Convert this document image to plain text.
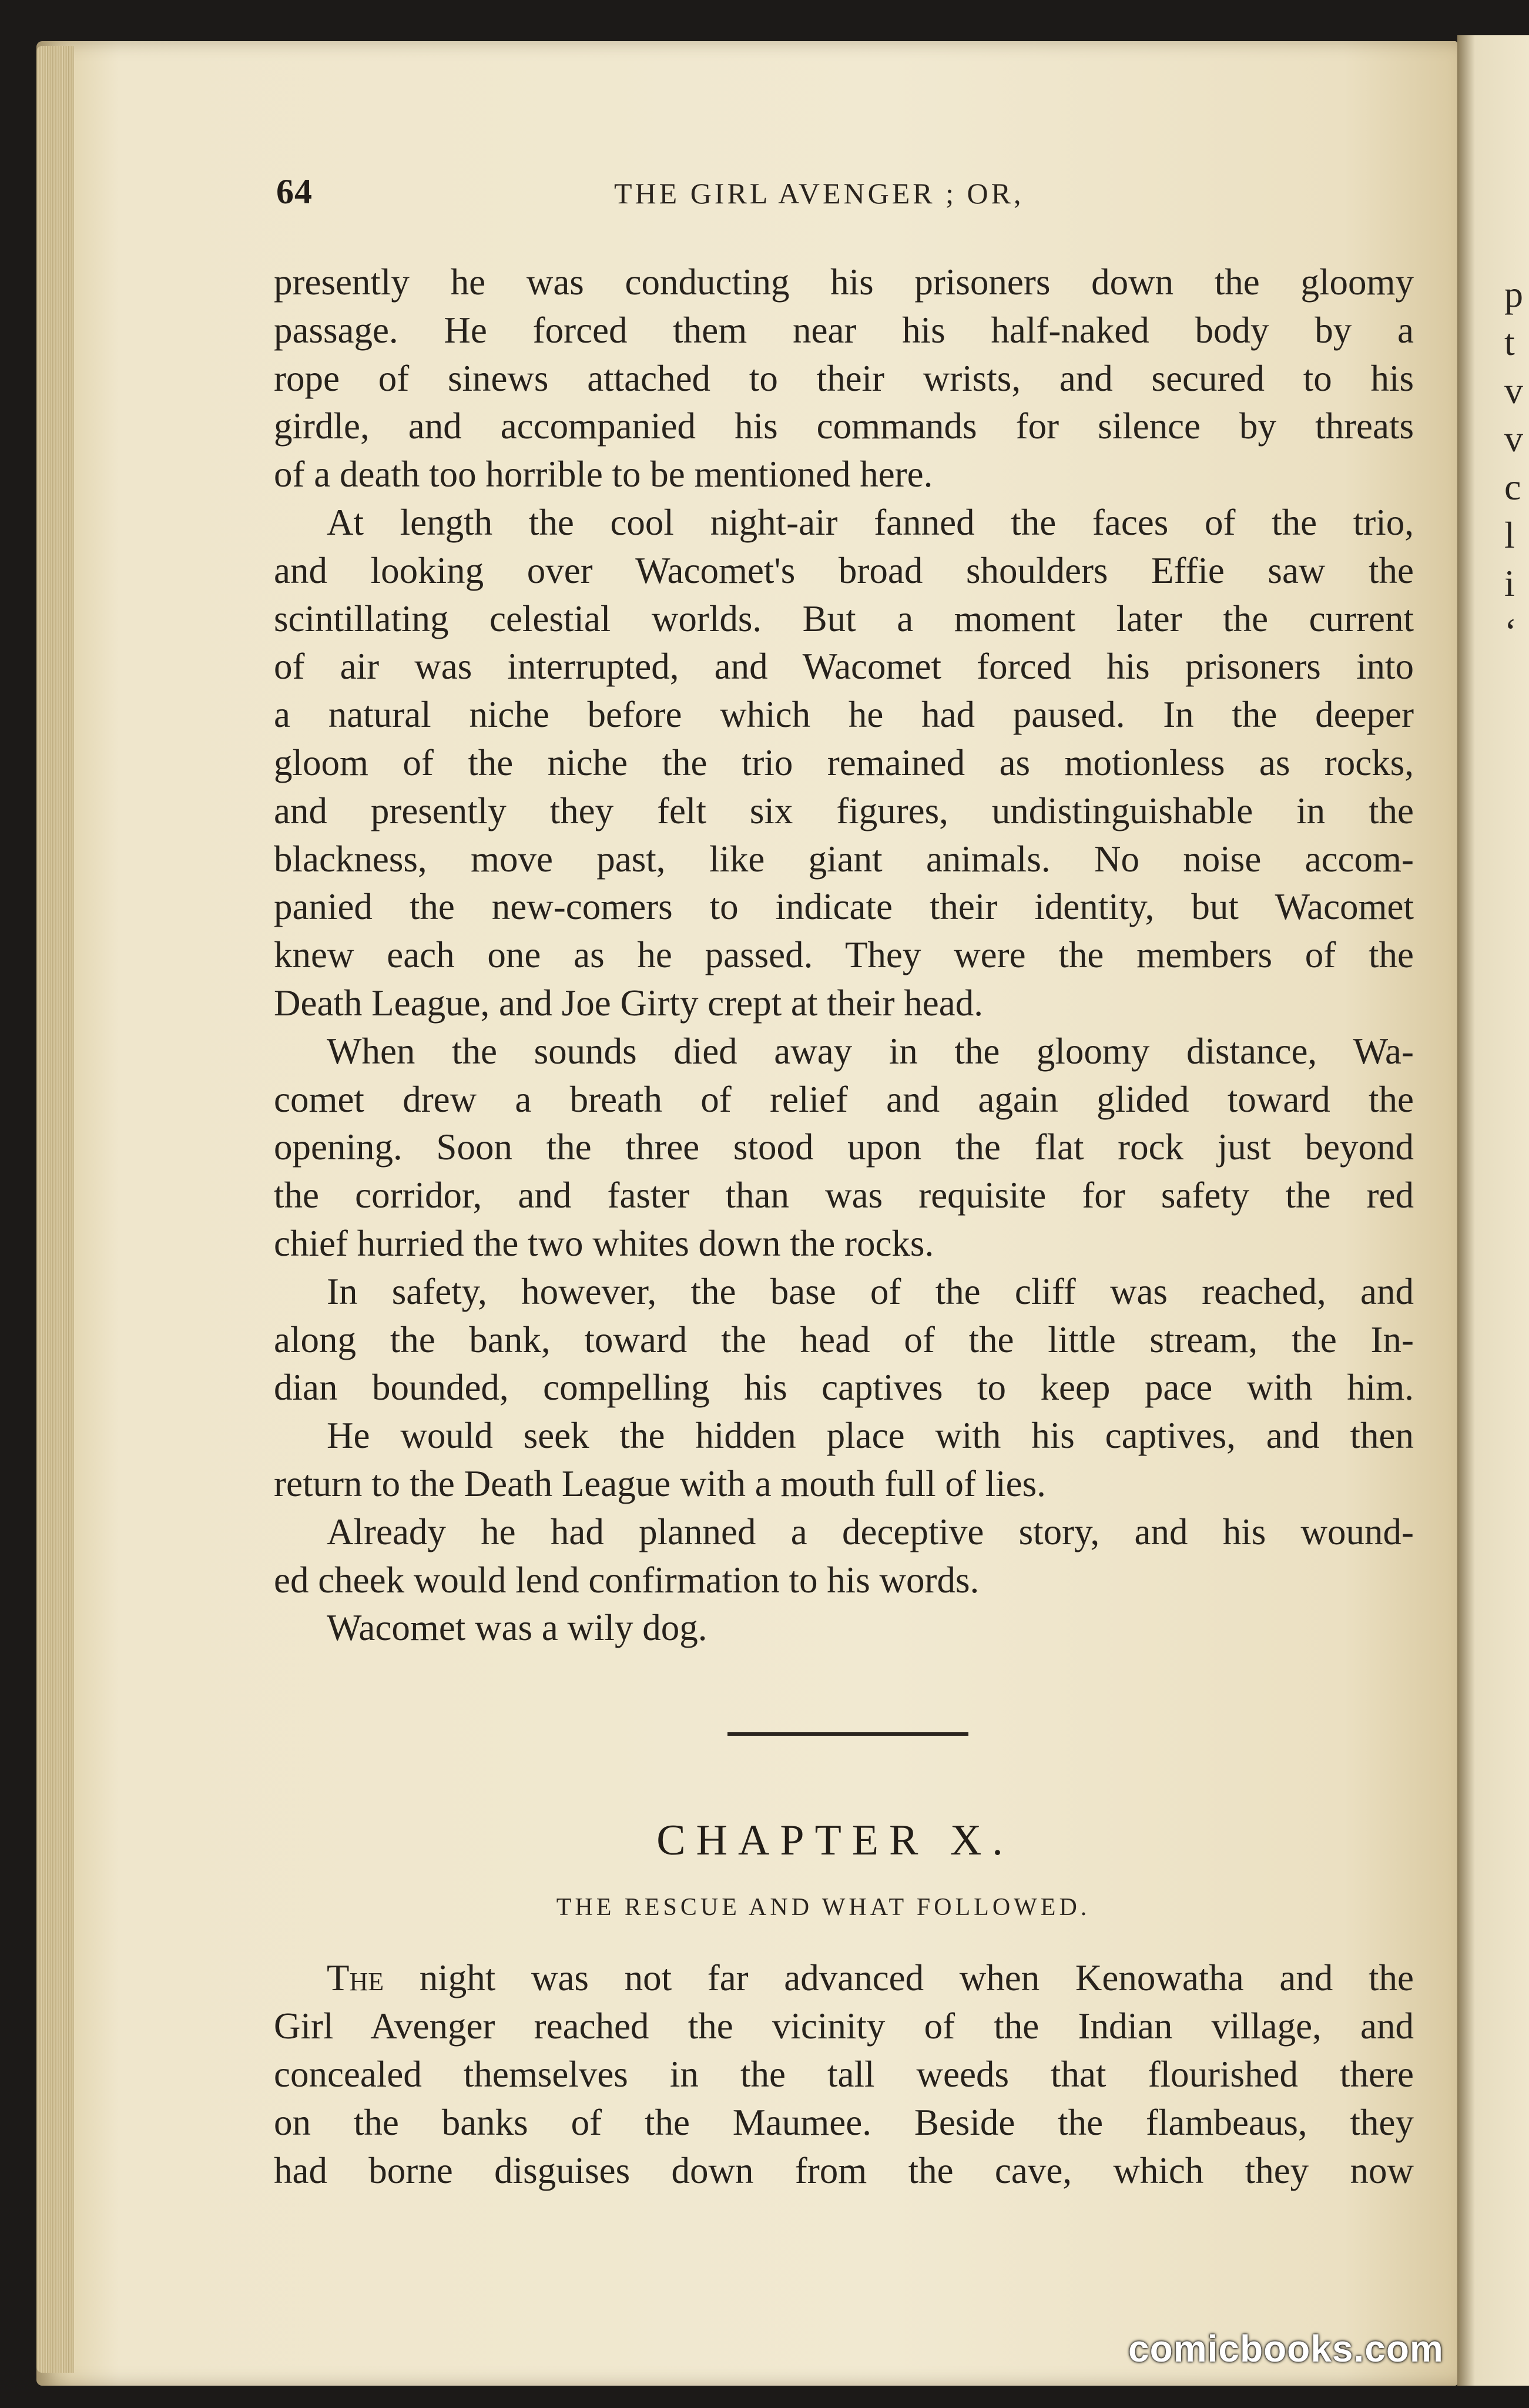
p
t
v
v
c
l
i
‘
64	THE GIRL AVENGER ; OR,
presently he was conducting his prisoners down the gloomy
passage. He forced them near his half-naked body by a
rope of sinews attached to their wrists, and secured to his
girdle, and accompanied his commands for silence by threats
of a death too horrible to be mentioned here.
At length the cool night-air fanned the faces of the trio,
and looking over Wacomet's broad shoulders Effie saw the
scintillating celestial worlds. But a moment later the current
of air was interrupted, and Wacomet forced his prisoners into
a natural niche before which he had paused. In the deeper
gloom of the niche the trio remained as motionless as rocks,
and presently they felt six figures, undistinguishable in the
blackness, move past, like giant animals. No noise accom-
panied the new-comers to indicate their identity, but Wacomet
knew each one as he passed. They were the members of the
Death League, and Joe Girty crept at their head.
When the sounds died away in the gloomy distance, Wa-
comet drew a breath of relief and again glided toward the
opening. Soon the three stood upon the flat rock just beyond
the corridor, and faster than was requisite for safety the red
chief hurried the two whites down the rocks.
In safety, however, the base of the cliff was reached, and
along the bank, toward the head of the little stream, the In-
dian bounded, compelling his captives to keep pace with him.
He would seek the hidden place with his captives, and then
return to the Death League with a mouth full of lies.
Already he had planned a deceptive story, and his wound-
ed cheek would lend confirmation to his words.
Wacomet was a wily dog.
CHAPTER X.
THE RESCUE AND WHAT FOLLOWED.
The night was not far advanced when Kenowatha and the
Girl Avenger reached the vicinity of the Indian village, and
concealed themselves in the tall weeds that flourished there
on the banks of the Maumee. Beside the flambeaus, they
had borne disguises down from the cave, which they now
comicbooks.com
